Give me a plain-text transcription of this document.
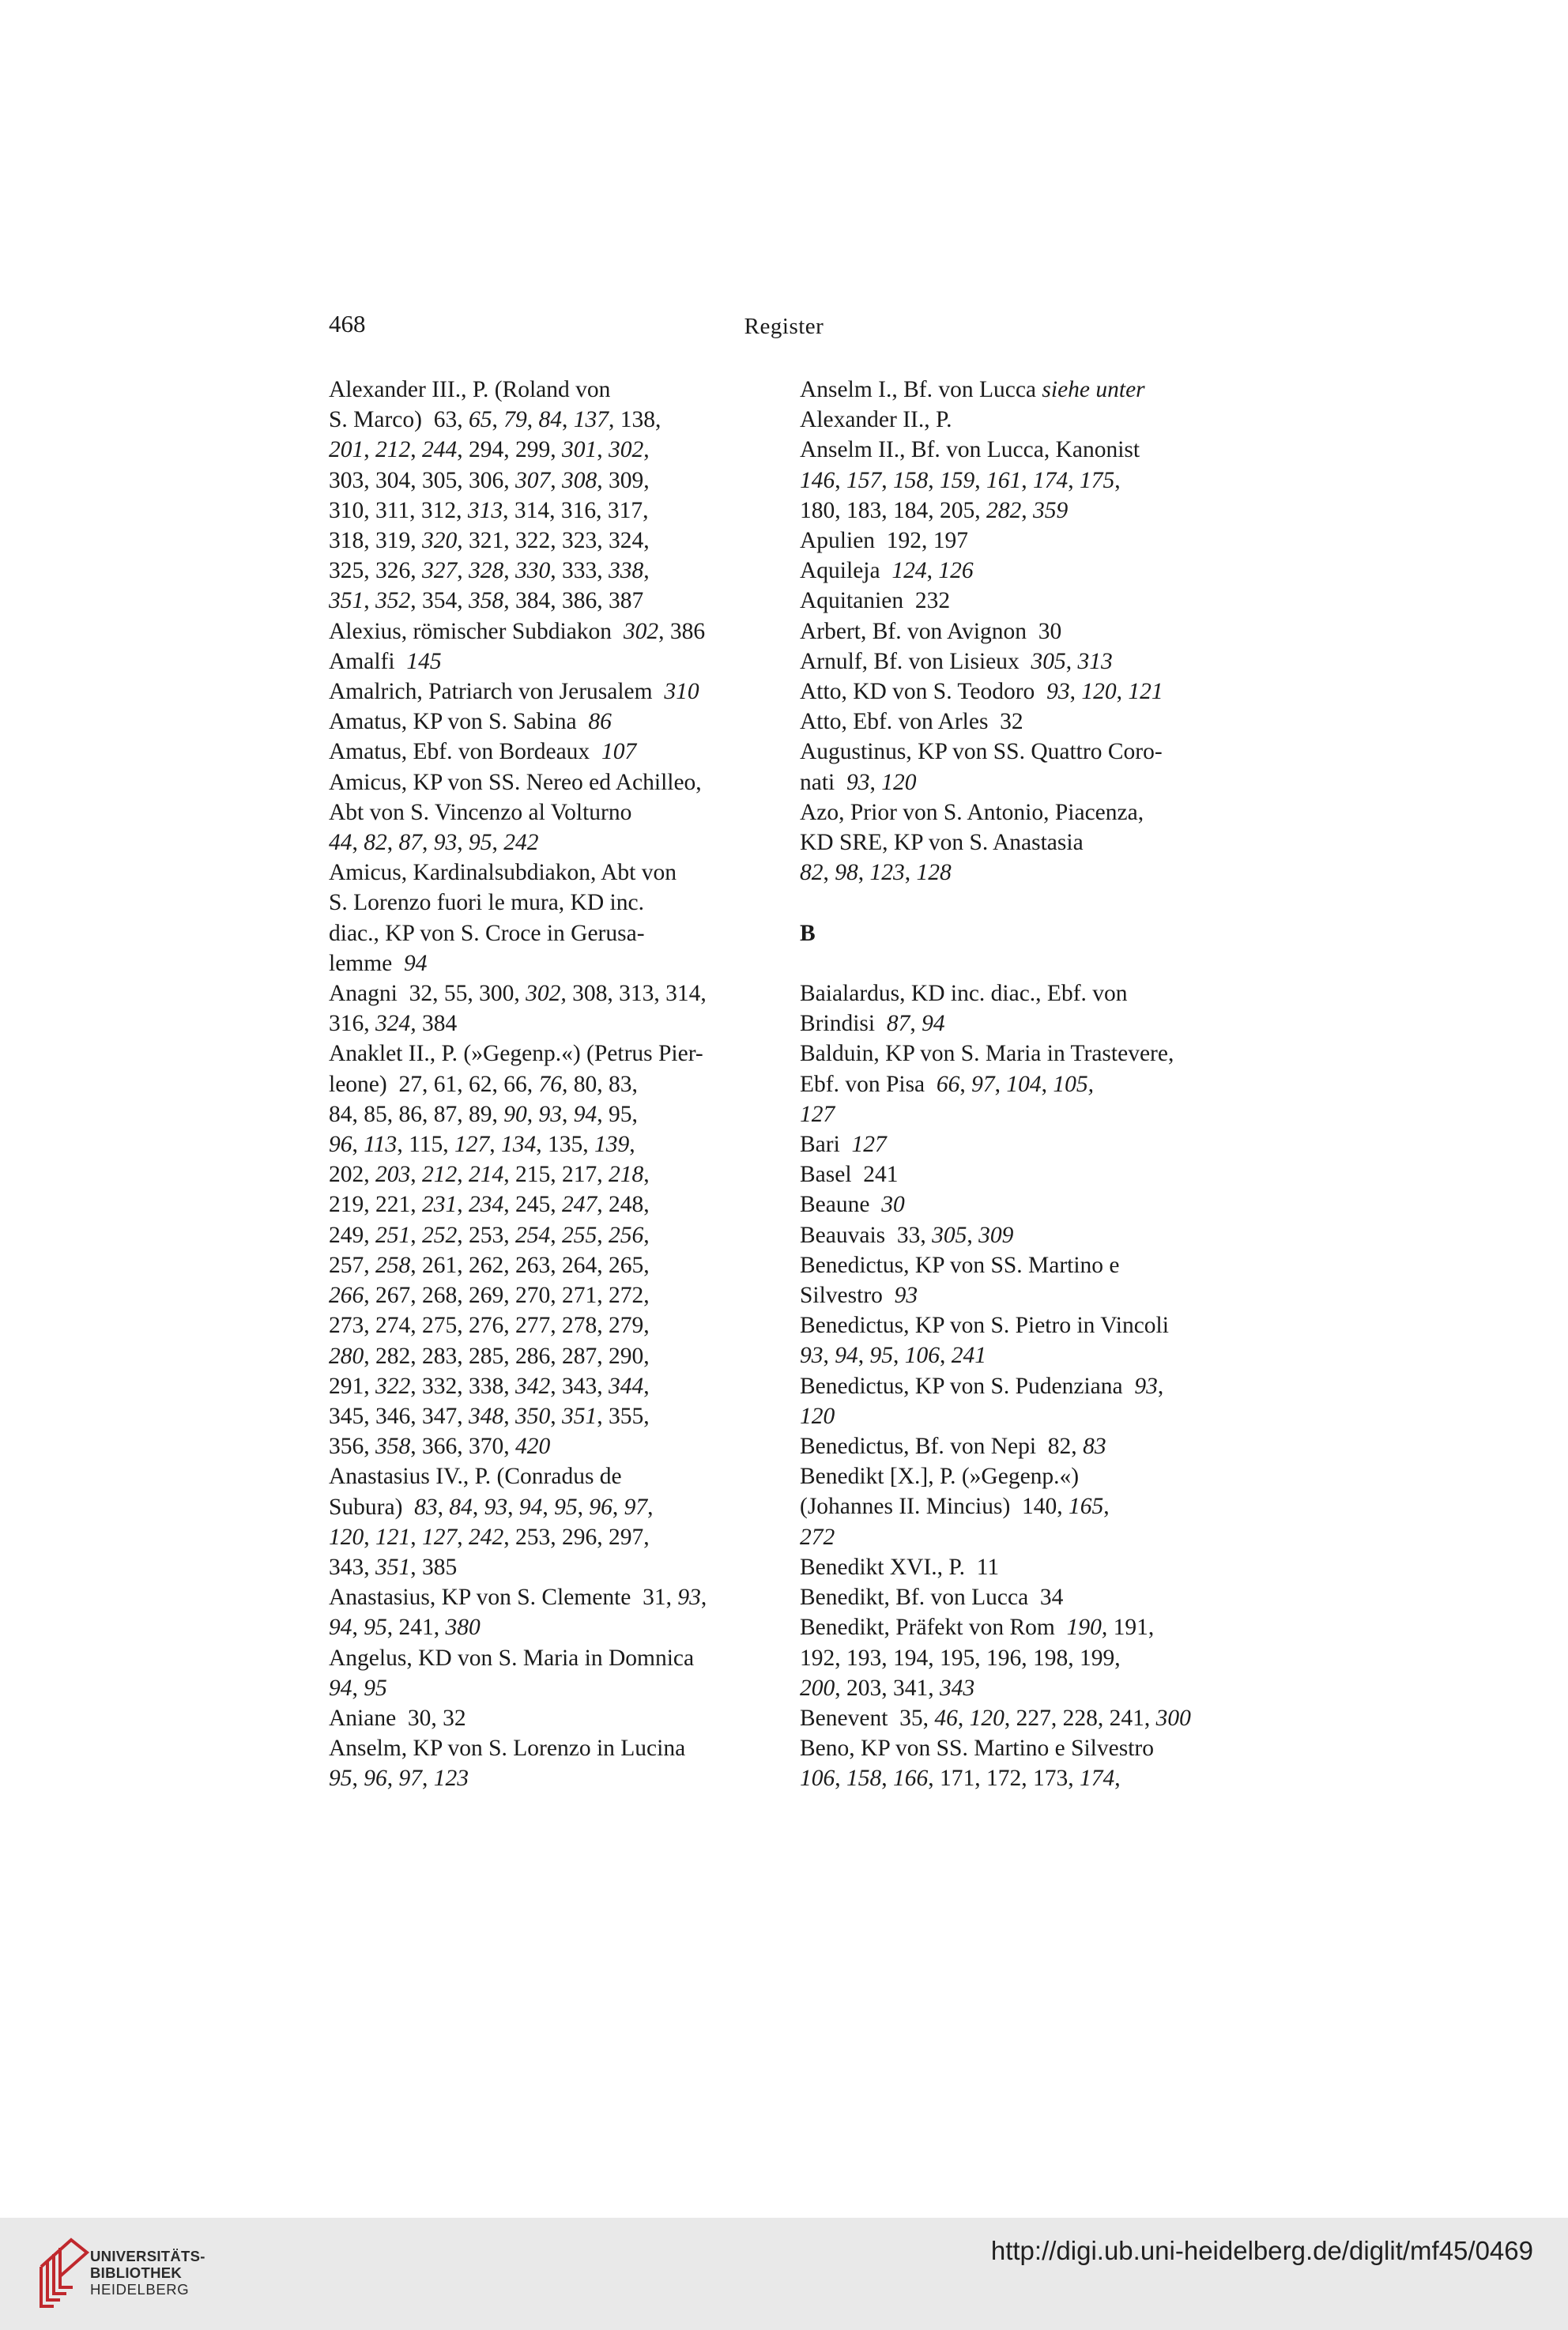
468	Register
Alexander III., P. (Roland von
S. Marco)  63, 65, 79, 84, 137, 138,
201, 212, 244, 294, 299, 301, 302,
303, 304, 305, 306, 307, 308, 309,
310, 311, 312, 313, 314, 316, 317,
318, 319, 320, 321, 322, 323, 324,
325, 326, 327, 328, 330, 333, 338,
351, 352, 354, 358, 384, 386, 387
Alexius, römischer Subdiakon  302, 386
Amalfi  145
Amalrich, Patriarch von Jerusalem  310
Amatus, KP von S. Sabina  86
Amatus, Ebf. von Bordeaux  107
Amicus, KP von SS. Nereo ed Achilleo,
Abt von S. Vincenzo al Volturno
44, 82, 87, 93, 95, 242
Amicus, Kardinalsubdiakon, Abt von
S. Lorenzo fuori le mura, KD inc.
diac., KP von S. Croce in Gerusa-
lemme  94
Anagni  32, 55, 300, 302, 308, 313, 314,
316, 324, 384
Anaklet II., P. (»Gegenp.«) (Petrus Pier-
leone)  27, 61, 62, 66, 76, 80, 83,
84, 85, 86, 87, 89, 90, 93, 94, 95,
96, 113, 115, 127, 134, 135, 139,
202, 203, 212, 214, 215, 217, 218,
219, 221, 231, 234, 245, 247, 248,
249, 251, 252, 253, 254, 255, 256,
257, 258, 261, 262, 263, 264, 265,
266, 267, 268, 269, 270, 271, 272,
273, 274, 275, 276, 277, 278, 279,
280, 282, 283, 285, 286, 287, 290,
291, 322, 332, 338, 342, 343, 344,
345, 346, 347, 348, 350, 351, 355,
356, 358, 366, 370, 420
Anastasius IV., P. (Conradus de
Subura)  83, 84, 93, 94, 95, 96, 97,
120, 121, 127, 242, 253, 296, 297,
343, 351, 385
Anastasius, KP von S. Clemente  31, 93,
94, 95, 241, 380
Angelus, KD von S. Maria in Domnica
94, 95
Aniane  30, 32
Anselm, KP von S. Lorenzo in Lucina
95, 96, 97, 123
Anselm I., Bf. von Lucca siehe unter
Alexander II., P.
Anselm II., Bf. von Lucca, Kanonist
146, 157, 158, 159, 161, 174, 175,
180, 183, 184, 205, 282, 359
Apulien  192, 197
Aquileja  124, 126
Aquitanien  232
Arbert, Bf. von Avignon  30
Arnulf, Bf. von Lisieux  305, 313
Atto, KD von S. Teodoro  93, 120, 121
Atto, Ebf. von Arles  32
Augustinus, KP von SS. Quattro Coro-
nati  93, 120
Azo, Prior von S. Antonio, Piacenza,
KD SRE, KP von S. Anastasia
82, 98, 123, 128
B
Baialardus, KD inc. diac., Ebf. von
Brindisi  87, 94
Balduin, KP von S. Maria in Trastevere,
Ebf. von Pisa  66, 97, 104, 105,
127
Bari  127
Basel  241
Beaune  30
Beauvais  33, 305, 309
Benedictus, KP von SS. Martino e
Silvestro  93
Benedictus, KP von S. Pietro in Vincoli
93, 94, 95, 106, 241
Benedictus, KP von S. Pudenziana  93,
120
Benedictus, Bf. von Nepi  82, 83
Benedikt [X.], P. (»Gegenp.«)
(Johannes II. Mincius)  140, 165,
272
Benedikt XVI., P.  11
Benedikt, Bf. von Lucca  34
Benedikt, Präfekt von Rom  190, 191,
192, 193, 194, 195, 196, 198, 199,
200, 203, 341, 343
Benevent  35, 46, 120, 227, 228, 241, 300
Beno, KP von SS. Martino e Silvestro
106, 158, 166, 171, 172, 173, 174,
UNIVERSITÄTS-
BIBLIOTHEK
HEIDELBERG
http://digi.ub.uni-heidelberg.de/diglit/mf45/0469
